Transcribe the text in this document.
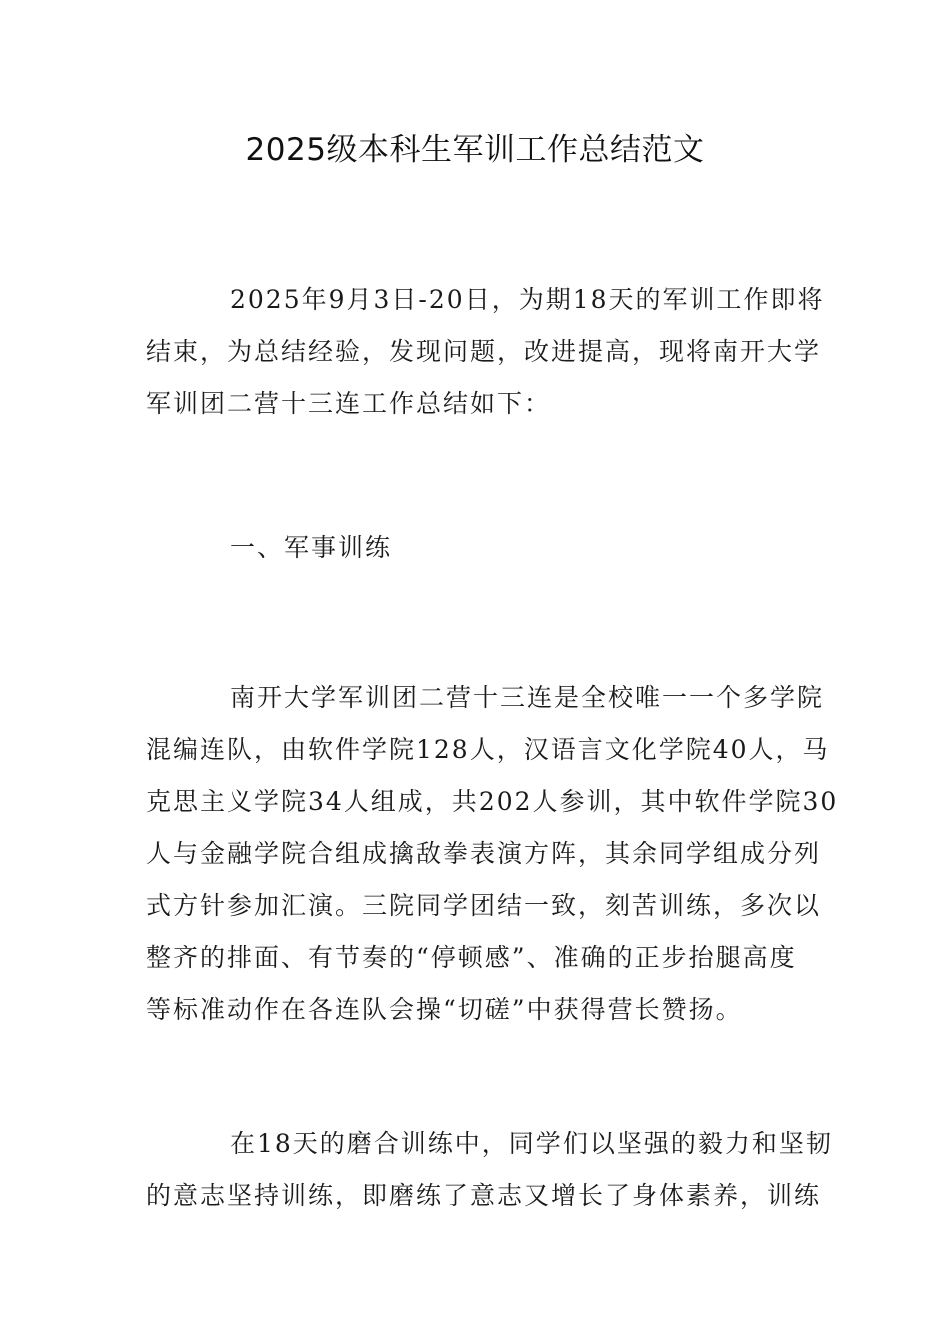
2025级本科生军训工作总结范文
2025年9月3日-20日，为期18天的军训工作即将
结束，为总结经验，发现问题，改进提高，现将南开大学
军训团二营十三连工作总结如下：
一、军事训练
南开大学军训团二营十三连是全校唯一一个多学院
混编连队，由软件学院128人，汉语言文化学院40人，马
克思主义学院34人组成，共202人参训，其中软件学院30
人与金融学院合组成擒敌拳表演方阵，其余同学组成分列
式方针参加汇演。三院同学团结一致，刻苦训练，多次以
整齐的排面、有节奏的“停顿感”、准确的正步抬腿高度
等标准动作在各连队会操“切磋”中获得营长赞扬。
在18天的磨合训练中，同学们以坚强的毅力和坚韧
的意志坚持训练，即磨练了意志又增长了身体素养，训练
